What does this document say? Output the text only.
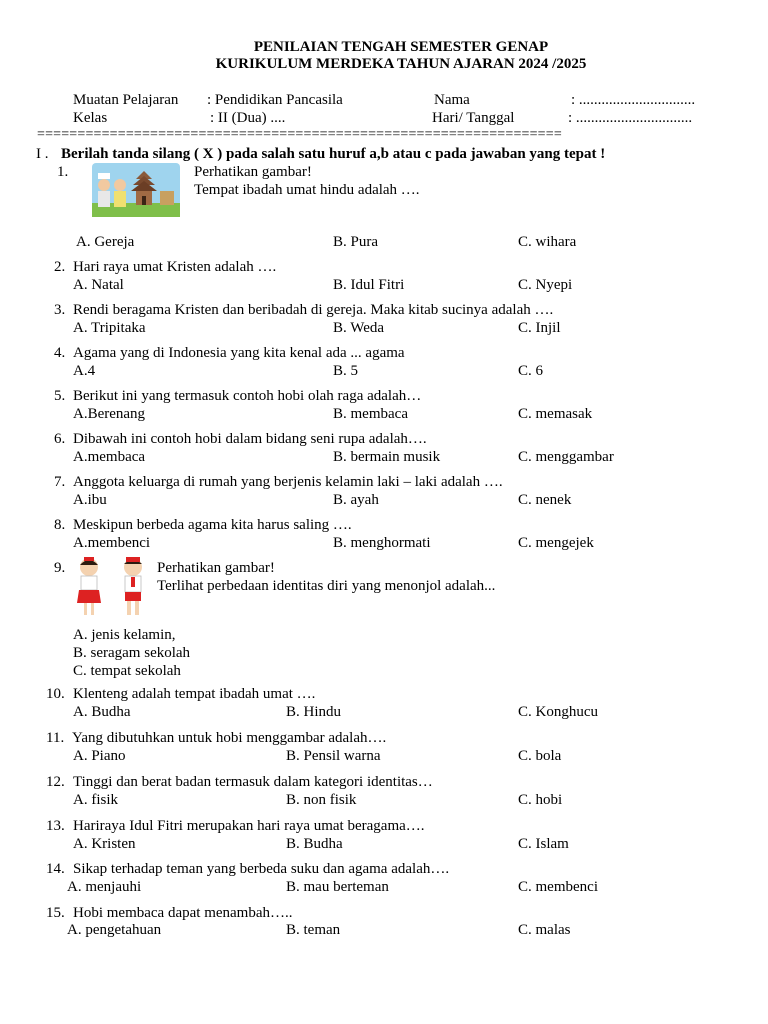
PENILAIAN TENGAH SEMESTER GENAP
KURIKULUM MERDEKA TAHUN AJARAN 2024 /2025
Muatan Pelajaran : Pendidikan Pancasila	Nama	: ...............................
Kelas	: II (Dua) ....	Hari/ Tanggal	: ...............................
=================================================================
I . Berilah tanda silang ( X ) pada salah satu huruf a,b atau c pada jawaban yang tepat !
1.	Perhatikan gambar!
Tempat ibadah umat hindu adalah ….
A. Gereja	B. Pura	C. wihara
2. Hari raya umat Kristen adalah ….
A. Natal	B. Idul Fitri	C. Nyepi
3. Rendi beragama Kristen dan beribadah di gereja. Maka kitab sucinya adalah ….
A. Tripitaka	B. Weda	C. Injil
4. Agama yang di Indonesia yang kita kenal ada ... agama
A.4	B. 5	C. 6
5. Berikut ini yang termasuk contoh hobi olah raga adalah…
A.Berenang	B. membaca	C. memasak
6. Dibawah ini contoh hobi dalam bidang seni rupa adalah….
A.membaca	B. bermain musik	C. menggambar
7. Anggota keluarga di rumah yang berjenis kelamin laki – laki adalah ….
A.ibu	B. ayah	C. nenek
8. Meskipun berbeda agama kita harus saling ….
A.membenci	B. menghormati	C. mengejek
9.	Perhatikan gambar!
Terlihat perbedaan identitas diri yang menonjol adalah...
A. jenis kelamin,
B. seragam sekolah
C. tempat sekolah
10. Klenteng adalah tempat ibadah umat ….
A. Budha	B. Hindu	C. Konghucu
11. Yang dibutuhkan untuk hobi menggambar adalah….
A. Piano	B. Pensil warna	C. bola
12. Tinggi dan berat badan termasuk dalam kategori identitas…
A. fisik	B. non fisik	C. hobi
13. Hariraya Idul Fitri merupakan hari raya umat beragama….
A. Kristen	B. Budha	C. Islam
14. Sikap terhadap teman yang berbeda suku dan agama adalah….
A. menjauhi	B. mau berteman	C. membenci
15. Hobi membaca dapat menambah…..
A. pengetahuan	B. teman	C. malas
